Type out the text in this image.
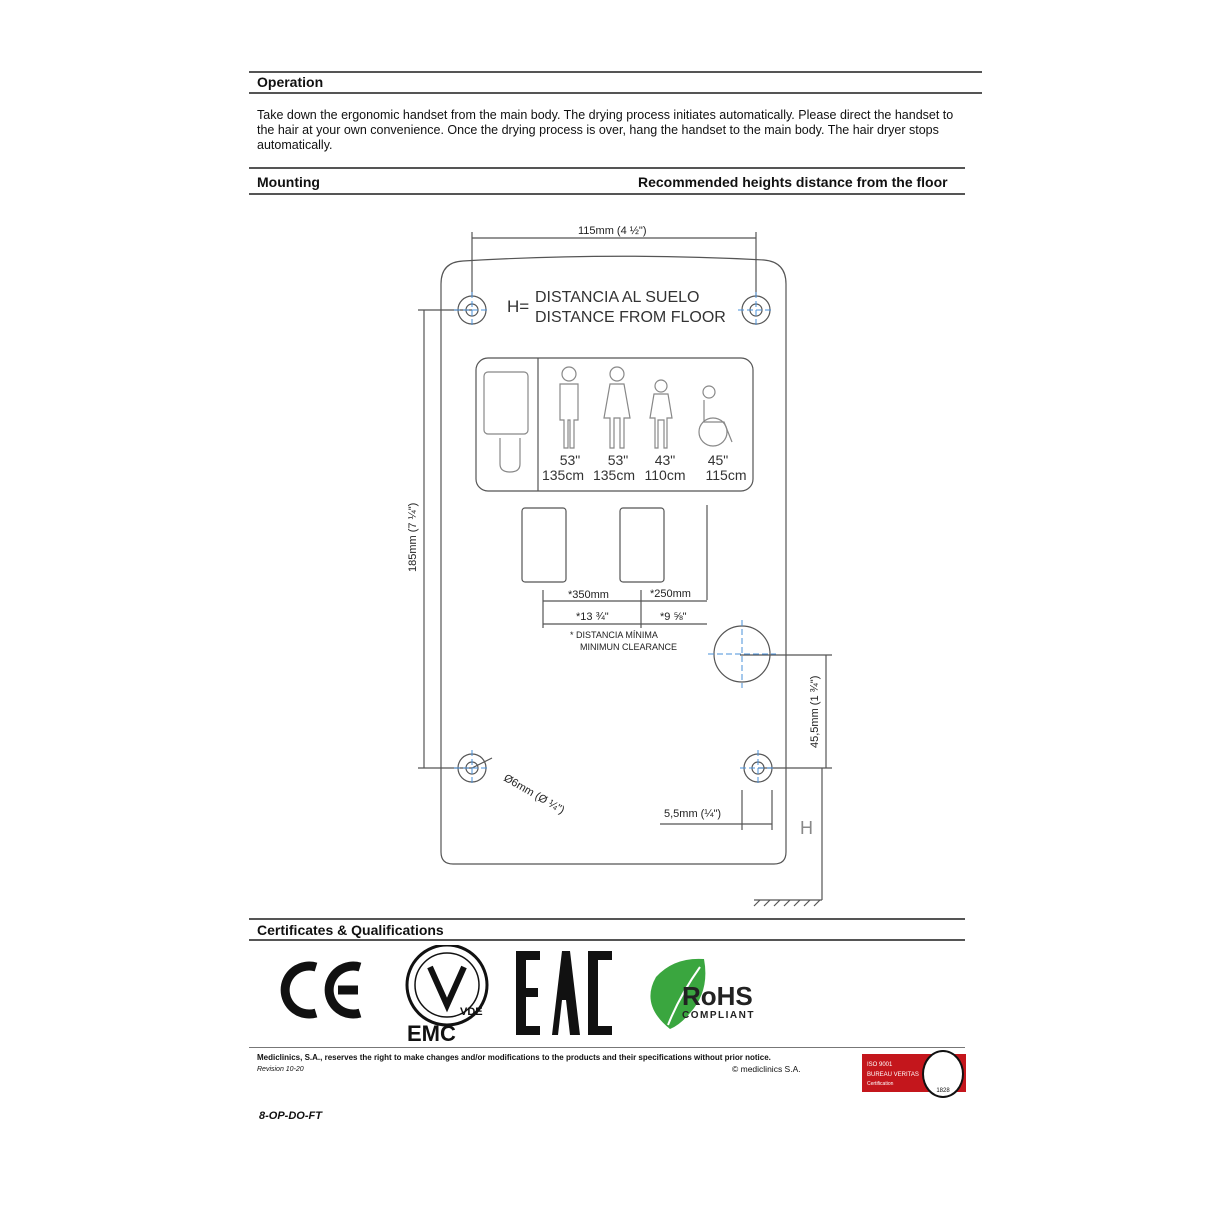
Operation
Take down the ergonomic handset from the main body. The drying process initiates automatically. Please direct the handset to the hair at your own convenience. Once the drying process is over, hang the handset to the main body. The hair dryer stops automatically.
Mounting	Recommended heights distance from the floor
115mm (4 ½")
Ø6mm (Ø ¼")	5,5mm (¼")
*350mm
*13 ¾"
*250mm
*9 ⅝"
* DISTANCIA MÍNIMA
MINIMUN CLEARANCE
185mm (7 ¼")
45,5mm (1 ¾")
H= DISTANCIA AL SUELO
DISTANCE FROM FLOOR
H
53"
135cm
53"
135cm
43"
110cm
45"
115cm
Certificates & Qualifications
VDE
EMC
RoHS
COMPLIANT
Mediclinics, S.A., reserves the right to make changes and/or modifications to the products and their specifications without prior notice.
Revision 10-20	© mediclinics S.A.	ISO 9001
BUREAU VERITAS
Certification
1828
8-OP-DO-FT
